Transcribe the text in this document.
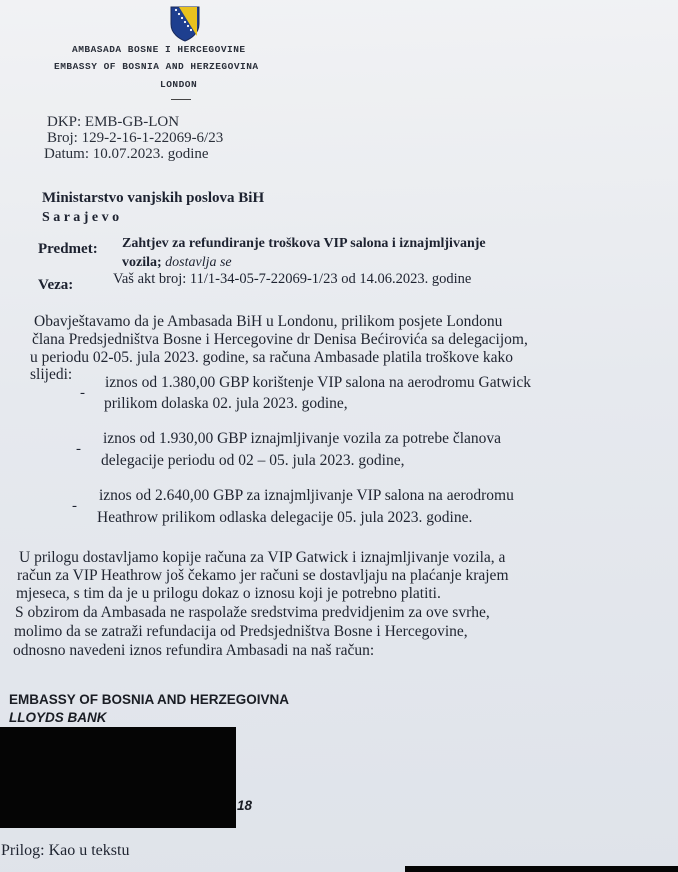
AMBASADA BOSNE I HERCEGOVINE
EMBASSY OF BOSNIA AND HERZEGOVINA
LONDON
DKP: EMB-GB-LON
Broj: 129-2-16-1-22069-6/23
Datum: 10.07.2023. godine
Ministarstvo vanjskih poslova BiH
S a r a j e v o
Predmet: Zahtjev za refundiranje troškova VIP salona i iznajmljivanje
vozila; dostavlja se
Veza:	Vaš akt broj: 11/1-34-05-7-22069-1/23 od 14.06.2023. godine
Obavještavamo da je Ambasada BiH u Londonu, prilikom posjete Londonu
člana Predsjedništva Bosne i Hercegovine dr Denisa Bećirovića sa delegacijom,
u periodu 02-05. jula 2023. godine, sa računa Ambasade platila troškove kako
slijedi:
-
iznos od 1.380,00 GBP korištenje VIP salona na aerodromu Gatwick
prilikom dolaska 02. jula 2023. godine,
-
iznos od 1.930,00 GBP iznajmljivanje vozila za potrebe članova
delegacije periodu od 02 – 05. jula 2023. godine,
-
iznos od 2.640,00 GBP za iznajmljivanje VIP salona na aerodromu
Heathrow prilikom odlaska delegacije 05. jula 2023. godine.
U prilogu dostavljamo kopije računa za VIP Gatwick i iznajmljivanje vozila, a
račun za VIP Heathrow još čekamo jer računi se dostavljaju na plaćanje krajem
mjeseca, s tim da je u prilogu dokaz o iznosu koji je potrebno platiti.
S obzirom da Ambasada ne raspolaže sredstvima predvidjenim za ove svrhe,
molimo da se zatraži refundacija od Predsjedništva Bosne i Hercegovine,
odnosno navedeni iznos refundira Ambasadi na naš račun:
EMBASSY OF BOSNIA AND HERZEGOIVNA
LLOYDS BANK
18
Prilog: Kao u tekstu
